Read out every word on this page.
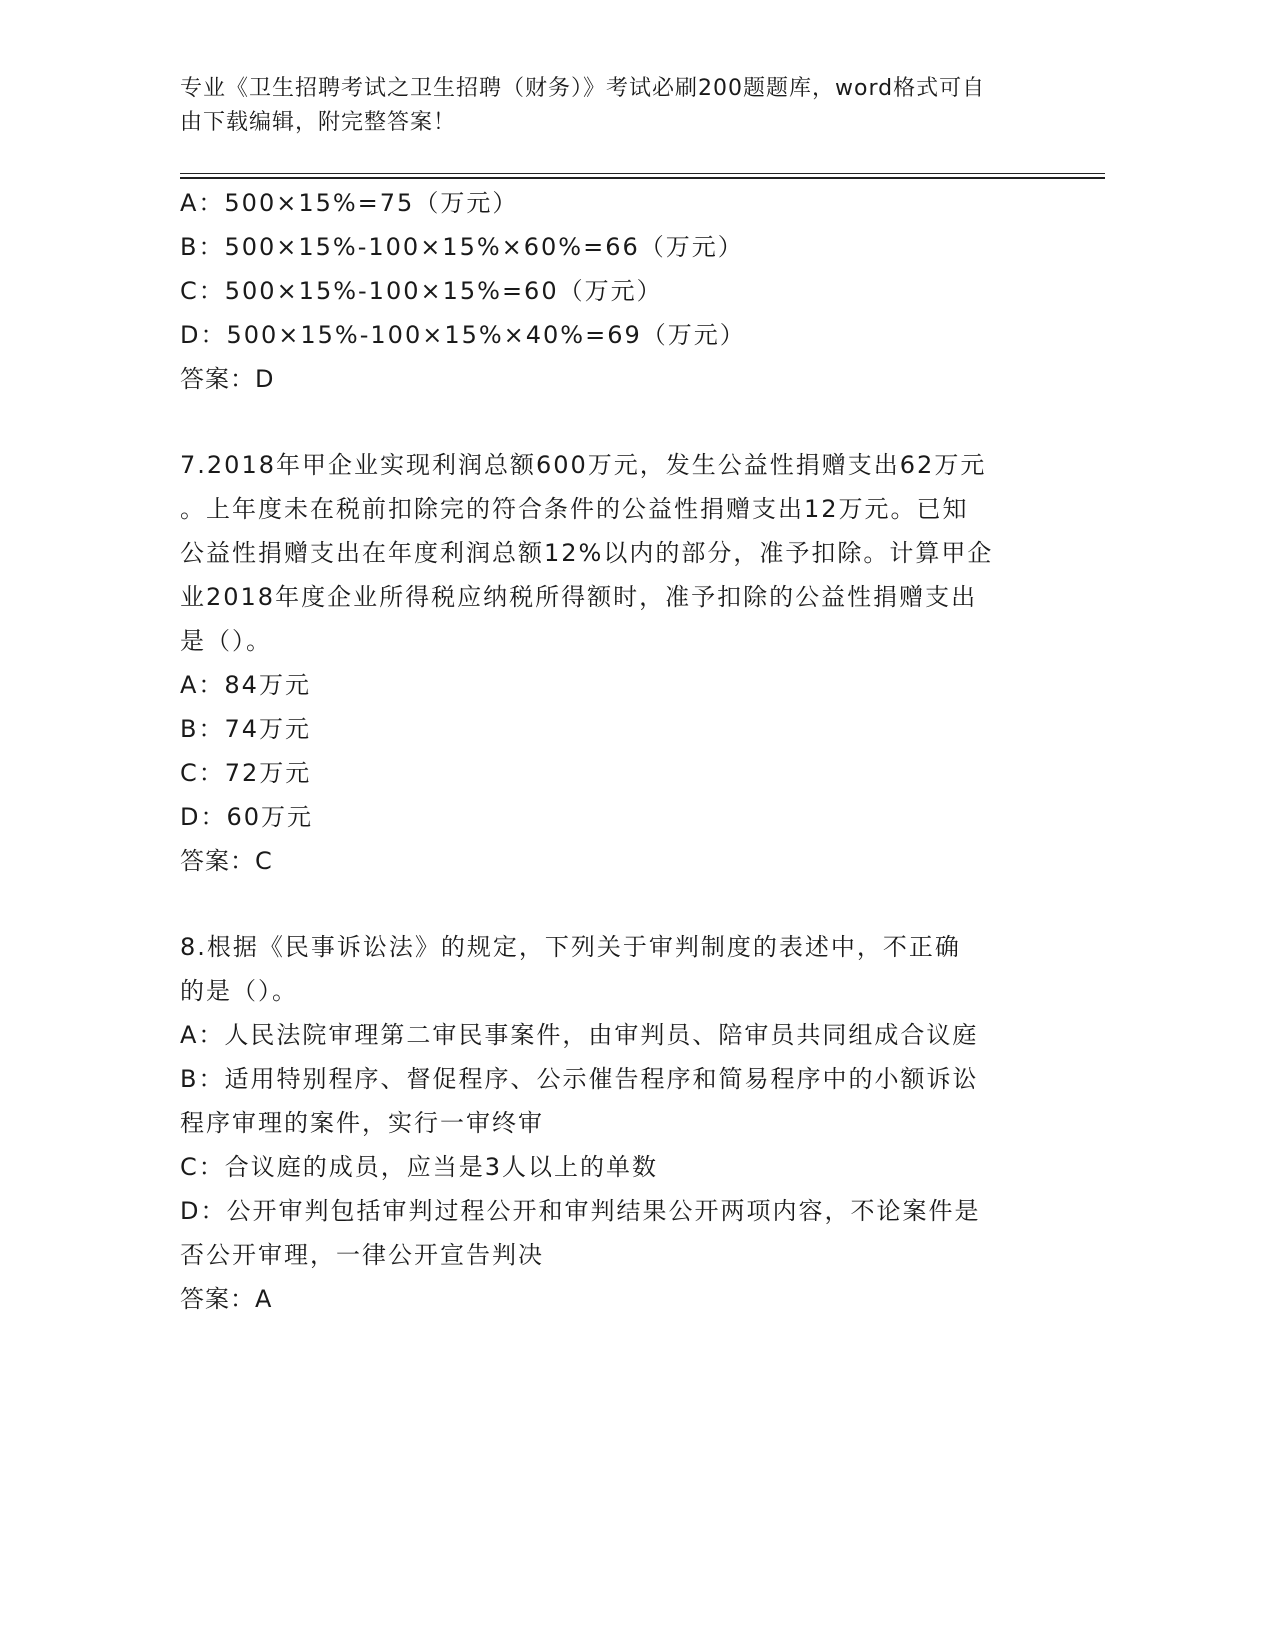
专业《卫生招聘考试之卫生招聘（财务）》考试必刷200题题库，word格式可自
由下载编辑，附完整答案！
A：500×15%=75（万元）
B：500×15%-100×15%×60%=66（万元）
C：500×15%-100×15%=60（万元）
D：500×15%-100×15%×40%=69（万元）
答案：D
7.2018年甲企业实现利润总额600万元，发生公益性捐赠支出62万元
。上年度未在税前扣除完的符合条件的公益性捐赠支出12万元。已知
公益性捐赠支出在年度利润总额12%以内的部分，准予扣除。计算甲企
业2018年度企业所得税应纳税所得额时，准予扣除的公益性捐赠支出
是（）。
A：84万元
B：74万元
C：72万元
D：60万元
答案：C
8.根据《民事诉讼法》的规定，下列关于审判制度的表述中，不正确
的是（）。
A：人民法院审理第二审民事案件，由审判员、陪审员共同组成合议庭
B：适用特别程序、督促程序、公示催告程序和简易程序中的小额诉讼
程序审理的案件，实行一审终审
C：合议庭的成员，应当是3人以上的单数
D：公开审判包括审判过程公开和审判结果公开两项内容，不论案件是
否公开审理，一律公开宣告判决
答案：A
